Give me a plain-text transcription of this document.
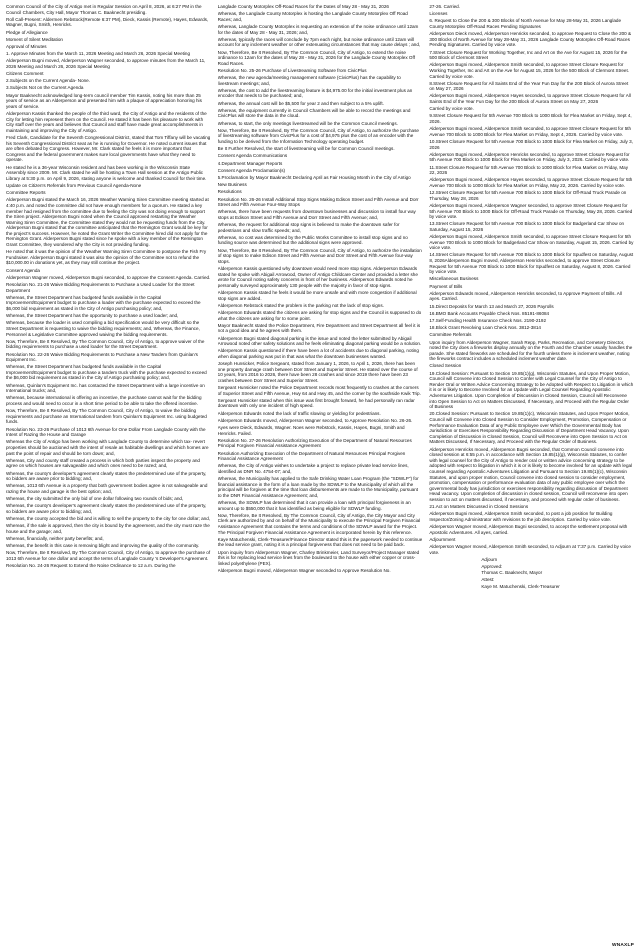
Common Council of the City of Antigo met in Regular Session on April 8, 2026, at 6:27 PM in the Council Chambers, City Hall, Mayor Thomas C. Baaknecht presiding.

Roll Call-Present: Aldermen Rebstock(Remote 6:37 PM), Dieck, Kassis (Remote), Hayes, Edwards, Wagner, Bugni, Smith, Henricks.

Pledge of Allegiance

Moment of Silent Meditation

Approval of Minutes

1. Approve Minutes from the March 11, 2026 Meeting and March 26, 2026 Special Meeting

Alderperson Bugni moved, Alderperson Wagner seconded, to approve minutes from the March 11, 2026 Meeting and March 26, 2026 Special Meeting

Citizens Comment

2.Subjects on the Current Agenda- None.

3.Subjects Not on the Current Agenda

Mayor Baaknecht acknowledged long-term council member Tim Kassis, noting his more than 25 years of service as an Alderperson and presented him with a plaque of appreciation honoring his years of service.

Alderperson Kassis thanked the people of the third ward, the City of Antigo and the residents of the City for letting him represent them on the Council. He stated it has been his pleasure to work with City staff over the years and believes that Council and staff have made great accomplishments in maintaining and improving the City of Antigo.

Fred Clark, Candidate for the Seventh Congressional District, stated that Tom Tiffany will be vacating his Seventh Congressional District seat as he is running for Governor. He noted current issues that are often debated by Congress. However, Mr. Clark stated he feels it is more important that Congress and the federal government makes sure local governments have what they need to operate.

He stated he is a 36-year Wisconsin resident and has been working in the Wisconsin State Assembly since 2009. Mr. Clark stated he will be hosting a Town Hall session at the Antigo Public Library at 5:30 p.m. on April 9, 2026, stating anyone is welcome and thanked Council for their time.

Update on Citizen's Referrals from Previous Council Agenda-None

Committee Reports

Alderperson Bugni stated the March 16, 2026 Weather Warning Siren Committee meeting started at 4:40 p.m. and noted the committee did not have enough members for a quorum. He stated a key member had resigned from the committee due to feeling the City was not doing enough to support the Siren project. Alderperson Bugni noted when the Council approved restarting the Weather Warning Siren Committee, the Committee stated they would not be requesting funds from the City. Alderperson Bugni stated that the committee anticipated that the Remington Grant would be key for the project's success. However, he noted the Grant Writer the Committee hired did not apply for the Remington Grant. Alderperson Bugni stated since he spoke with a key member of the Remington Grant Committee, they wondered why the City is not providing funding.

He noted that it was the opinion of the Weather Warning Siren Committee to postpone the Fish Fry Fundraiser. Alderperson Bugni stated it was also the opinion of the Committee not to refund the $10,000.00 in donations yet, as they may still continue the project.

Consent Agenda

Alderperson Wagner moved, Alderperson Bugni seconded, to approve the Consent Agenda. Carried.

Resolution No. 21-26 Waive Bidding Requirements to Purchase a Used Loader for the Street Department

Whereas, the Street Department has budgeted funds available in the Capital Improvement/Equipment budget to purchase a loader with the purchase expected to exceed the $6,000 bid requirement as stated in the City of Antigo purchasing policy; and,

Whereas, the Street Department has the opportunity to purchase a used loader; and,

Whereas, because the loader is used compiling a bid specification would be very difficult so the Street Department is requesting to waive the bidding requirements; and, Whereas, the Finance, Personnel & Legislative Committee approved waiving the bidding requirements.

Now, Therefore, Be It Resolved, By The Common Council, City of Antigo, to approve waiver of the bidding requirements to purchase a used loader for the Street Department.

Resolution No. 22-26 Waive Bidding Requirements to Purchase a New Tandem from Quinlan's Equipment Inc.

Whereas, the Street Department has budgeted funds available in the Capital Improvement/Equipment budget to purchase a tandem truck with the purchase expected to exceed the $6,000 bid requirement as stated in the City of Antigo purchasing policy; and,

Whereas, Quinlan's Equipment Inc. has contacted the Street Department with a large incentive on International trucks; and,

Whereas, because international is offering an incentive, the purchase cannot wait for the bidding process and would need to occur in a short time period to be able to take the offered incentive.

Now, Therefore, Be It Resolved, By The Common Council, City of Antigo, to waive the bidding requirements and purchase an International tandem from Quinlan's Equipment Inc. using budgeted funds.

Resolution No. 23-26 Purchase of 1013 6th Avenue for One Dollar From Langlade County with the Intent of Razing the House and Garage

Whereas the City of Antigo has been working with Langlade County to determine which tax- revert properties should be auctioned with the intent of resale as habitable dwellings and which homes are past the point of repair and should be torn down; and,

Whereas, City and county staff created a process in which both parties inspect the property and agree on which houses are salvageable and which ones need to be razed; and,

Whereas, the county's developer's agreement clearly states the predetermined use of the property, so bidders are aware prior to bidding; and,

Whereas, 1013 6th Avenue is a property that both government bodies agree is not salvageable and razing the house and garage is the best option; and,

Whereas, the city submitted the only bid of one dollar following two rounds of bids; and,

Whereas, the county's developer's agreement clearly states the predetermined use of the property, so bidders are aware prior to bidding; and,

Whereas, the county accepted the bid and is willing to sell the property to the city for one dollar; and,

Whereas, if the sale is approved, then the city is bound by the agreement, and the city must raze the house and the garage; and,

Whereas, financially, neither party benefits; and,

Whereas, the benefit in this case is removing blight and improving the quality of the community.

Now, Therefore, Be It Resolved, By The Common Council, City of Antigo, to approve the purchase of 1013 6th Avenue for one dollar and accept the terms of Langlade County 's Developer's Agreement.

Resolution No. 24-26 Request to Extend the Noise Ordinance to 12 a.m. During the

Langlade County Motorplex Off-Road Races for the Dates of May 28 - May 31, 2026

Whereas, the Langlade County Motorplex is hosting the Langlade County Motorplex Off Road Races; and,

Whereas, Langlade County Motorplex is requesting an extension of the noise ordinance until 12am for the dates of May 28 - May 31, 2026; and,

Whereas, typically the races will conclude by 7pm each night, but noise ordinance until 12am will account for any inclement weather or other extenuating circumstances that may cause delays ; and,

Now, Therefore, Be It Resolved, By The Common Council, City of Antigo, to extend the noise ordinance to 12am for the dates of May 28 - May 31, 2026 for the Langlade County Motorplex Off Road Races.

Resolution No. 25-26 Purchase of Livestreaming Software from CivicPlus

Whereas, the new agenda/meeting management software (CivicPlus) has the capability to livestream meetings; and,

Whereas, the cost to add the livestreaming feature is $4,975.00 for the initial investment plus an encoder that needs to be purchased; and,

Whereas, the annual cost will be $5,500 for year 2 and then subject to a 5% uplift.

Whereas, the equipment currently in Council Chambers will be able to record the meetings and CivicPlus will store the data in the cloud.

Whereas, to start, the only meetings livestreamed will be the Common Council meetings.

Now, Therefore, Be It Resolved, By The Common Council, City of Antigo, to authorize the purchase of livestreaming software from CivicPlus for a cost of $4,975 plus the cost of an encoder with the funding to be derived from the Information Technology operating budget.

Be It Further Resolved, the start of livestreaming will be for Common Council meetings.

Consent Agenda Communications

4.Department Manager Reports

Consent Agenda Proclamation(s)

5.Proclamation by Mayor Baaknecht Declaring April as Fair Housing Month in the City of Antigo

New Business

Resolutions

Resolution No. 26-26 Install Additional Stop Signs Making Edison Street and Fifth Avenue and Dorr Street and Fifth Avenue Four-Way Stops

Whereas, there have been requests from downtown businesses and discussion to install four way stops at Edison Street and Fifth Avenue and Dorr Street and Fifth Avenue; and,

Whereas, the request for additional stop signs is believed to make the downtown safer for pedestrians and slow traffic speeds; and,

Whereas, no cost was determined by the Public Works Committee to install stop signs and no funding source was determined but the additional signs were approved.

Now, Therefore, Be It Resolved, By The Common Council, City of Antigo, to authorize the installation of stop signs to make Edison Street and Fifth Avenue and Dorr Street and Fifth Avenue four-way stops.

Alderperson Kassis questioned why downtown would need more stop signs. Alderperson Edwards stated he spoke with Abigail Arrowood, Owner of Antigo Childcare Center and provided a letter she wrote for Council noting safety concerns in front of her business. Alderperson Edwards noted he personally surveyed approximately 130 people with the majority in favor of stop signs.

Alderperson Kassis stated he feels it would be more unsafe and with more congestion if additional stop signs are added.

Alderperson Rebstock stated the problem is the parking not the lack of stop signs.

Alderperson Edwards stated the citizens are asking for stop signs and the Council is supposed to do what the citizens are asking for to some point.

Mayor Baaknecht stated the Police Department, Fire Department and Street Department all feel it is not a good idea and he agrees with them.

Alderperson Bugni stated diagonal parking is the issue and noted the letter submitted by Abigail Arrowood noted other safety solutions and he feels eliminating diagonal parking would be a solution.

Alderperson Kassis questioned if there have been a lot of accidents due to diagonal parking, noting when diagonal parking was put in that was what the downtown businesses wanted.

Joseph Hunsicker, Police Sergeant, stated from January 1, 2026, to April 1, 2026, there has been one property damage crash between Dorr Street and Superior Street. He stated over the course of 10 years, from 2016 to 2026, there have been 28 crashes and since 2019 there have been 23 crashes between Dorr Street and Superior Street.

Sergeant Hunsicker noted the Police Department records most frequently to crashes at the corners of Superior Street and Fifth Avenue, Hwy 64 and Hwy 45, and the corner by the southside Kwik Trip.

Sergeant Hunsicker stated when this issue was first brought forward, he had personally ran radar downtown with only one incident of high speed.

Alderperson Edwards noted the lack of traffic slowing or yielding for pedestrians.

Alderperson Edwards moved, Alderperson Wagner seconded, to Approve Resolution No. 26-26.

Ayes were Dieck, Edwards, Wagner. Noes were Rebstock, Kassis, Hayes, Bugni, Smith and Henricks. Failed.

Resolution No. 27-26 Resolution Authorizing Execution of the Department of Natural Resources Principal Forgiven Financial Assistance Agreement

Resolution Authorizing Execution of the Department of Natural Resources Principal Forgiven Financial Assistance Agreement

Whereas, the City of Antigo wishes to undertake a project to replace private lead service lines, identified as DNR No. 4754-07; and,

Whereas, the Municipality has applied to the Safe Drinking Water Loan Program (the "SDWLP") for financial assistance in the form of a loan made by the SDWLP to the Municipality of which all the principal will be forgiven at the time that loan disbursements are made to the Municipality, pursuant to the DNR Financial Assistance Agreement; and,

Whereas, the SDWLP has determined that it can provide a loan with principal forgiveness in an amount up to $550,000 that it has identified as being eligible for SDWLP funding.

Now, Therefore, Be It Resolved, By The Common Council, City of Antigo, the City Mayor and City Clerk are authorized by and on behalf of the Municipality to execute the Principal Forgiven Financial Assistance Agreement that contains the terms and conditions of the SDWLP award for the Project. The Principal Forgiven Financial Assistance Agreement is incorporated herein by this reference.

Kaye Matuchenski, Clerk-Treasurer/Finance Director stated this is the paperwork needed to continue the lead service grant, noting it is a principal forgiveness that does not need to be paid back.

Upon inquiry from Alderperson Wagner, Charley Brinkmeier, Land Surveyor/Project Manager stated this is for replacing lead service lines from the boulevard to the house with either copper or cross-linked polyethylene (PEX).

Alderperson Bugni moved, Alderperson Wagner seconded to Approve Resolution No.

27-26. Carried.

Licenses

6. Request to Close the 200 & 300 Blocks of North Avenue for May 28-May 31, 2026 Langlade County Motorplex Off-Road Races Pending Signatures

Alderperson Dieck moved, Alderperson Henricks seconded, to approve Request to Close the 200 & 300 Blocks of North Avenue for May 28-May 31, 2026 Langlade County Motorplex Off-Road Races Pending Signatures. Carried by voice vote.

7.Street Closure Request for Working Together, Inc and Art on the Ave for August 15, 2026 for the 500 Block of Clermont Street

Alderperson Bugni moved, Alderperson Smith seconded, to approve Street Closure Request for Working Together, Inc and Art on the Ave for August 15, 2026 for the 500 Block of Clermont Street. Carried by voice vote.

8.Street Closure Request for All Saints End of the Year Fun Day for the 200 Block of Aurora Street on May 27, 2026

Alderperson Bugni moved, Alderperson Hayes seconded, to approve Street Closure Request for All Saints End of the Year Fun Day for the 200 Block of Aurora Street on May 27, 2026

Carried by voice vote.

9.Street Closure Request for 5th Avenue 700 Block to 1000 Block for Flea Market on Friday, Sept 4, 2026.

Alderperson Bugni moved, Alderperson Smith seconded, to approve Street Closure Request for 5th Avenue 700 Block to 1000 Block for Flea Market on Friday, Sept 4, 2026. Carried by voice vote.

10.Street Closure Request for 5th Avenue 700 Block to 1000 Block for Flea Market on Friday, July 3, 2026

Alderperson Bugni moved, Alderperson Henricks seconded, to approve Street Closure Request for 5th Avenue 700 Block to 1000 Block for Flea Market on Friday, July 3, 2026. Carried by voice vote.

11.Street Closure Request for 5th Avenue 700 Block to 1000 Block for Flea Market on Friday, May 22, 2026

Alderperson Bugni moved, Alderperson Hayes seconded, to approve Street Closure Request for 5th Avenue 700 Block to 1000 Block for Flea Market on Friday, May 22, 2026. Carried by voice vote.

12.Street Closure Request for 5th Avenue 700 Block to 1000 Block for Off-Road Truck Parade on Thursday, May 28, 2026

Alderperson Bugni moved, Alderperson Wagner seconded, to approve Street Closure Request for 5th Avenue 700 Block to 1000 Block for Off-Road Truck Parade on Thursday, May 28, 2026. Carried by voice vote.

13.Street Closure Request for 5th Avenue 700 Block to 1000 Block for Badgerland Car Show on Saturday, August 15, 2026

Alderperson Bugni moved, Alderperson Smith seconded, to approve Street Closure Request for 5th Avenue 700 Block to 1000 Block for Badgerland Car Show on Saturday, August 15, 2026. Carried by voice vote.

14.Street Closure Request for 5th Avenue 700 Block to 1000 Block for Spudfest on Saturday, August 8, 2026Alderperson Bugni moved, Alderperson Henricks seconded, to approve Street Closure Request for 5th Avenue 700 Block to 1000 Block for Spudfest on Saturday, August 8, 2026. Carried by voice vote.

Miscellaneous Business

Payment of Bills

Alderperson Edwards moved, Alderperson Henricks seconded, to Approve Payment of Bills. All ayes. Carried.

15.Direct Deposits for March 13 and March 27, 2026 Payrolls

16.BMO Bank Accounts Payable Check Nos. 85191-86084

17.Self-Funding Health Insurance Check Nos. 2190-2192

18.Block Grant Revolving Loan Check Nos. 3812-3814

Committee Referrals

Upon inquiry from Alderperson Wagner, Sarah Repp, Parks, Recreation, and Cemetery Director, noted the City does a fireworks display annually on the Fourth and the Chamber usually handles the parade. She stated fireworks are scheduled for the fourth unless there is inclement weather, noting the fireworks contract includes a scheduled inclement weather date.

Closed Session

19.Closed Session: Pursuant to Section 19.85(1)(g), Wisconsin Statutes, and Upon Proper Motion, Council will Convene into Closed Session to Confer with Legal Counsel for the City of Antigo to Render Oral or Written Advice Concerning Strategy to be Adopted with Respect to Litigation in which it is or is likely to Become Involved for an Update with Legal Counsel Regarding Apostolic Adventures Litigation. Upon Completion of Discussion in Closed Session, Council will Reconvene into Open Session to Act on Matters Discussed, If Necessary, and Proceed with the Regular Order of Business

20.Closed Session: Pursuant to Section 19.85(1)(c), Wisconsin Statutes, and Upon Proper Motion, Council will Convene into Closed Session to Consider Employment, Promotion, Compensation or Performance Evaluation Data of any Public Employee over Which the Governmental Body has Jurisdiction or Exercises Responsibility Regarding Discussion of Department Head Vacancy. Upon Completion of Discussion in Closed Session, Council will Reconvene into Open Session to Act on Matters Discussed, If Necessary, and Proceed with the Regular Order of Business.

Alderperson Henricks moved, Alderperson Bugni seconded, that Common Council convene into closed session at 6:55 p.m. in accordance with Section 19.85(1)(g), Wisconsin Statutes, to confer with legal counsel for the City of Antigo to render oral or written advice concerning strategy to be adopted with respect to litigation in which it is or is likely to become involved for an update with legal counsel regarding Apostolic Adventures Litigation and Pursuant to Section 19.85(1)(c), Wisconsin Statutes, and upon proper motion, Council convene into closed session to consider employment, promotion, compensation or performance evaluation data of any public employee over which the governmental body has jurisdiction or exercises responsibility regarding discussion of Department Head vacancy. Upon completion of discussion in closed session, Council will reconvene into open session to act on matters discussed, if necessary, and proceed with regular order of business.

21.Act on Matters Discussed in Closed Sessions

Alderperson Bugni moved, Alderperson Smith seconded, to post a job position for Building Inspector/Zoning Administrator with revisions to the job description. Carried by voice vote.

Alderperson Wagner moved, Alderperson Bugni seconded, to accept the settlement proposal with Apostolic Adventures. All ayes, carried.

Adjournment

Alderperson Wagner moved, Alderperson Smith seconded, to Adjourn at 7:37 p.m. Carried by voice vote.

Adjourn

Approved:

Thomas C. Baaknecht, Mayor

Attest:

Kaye M. Matuchenski, Clerk-Treasurer

WNAXLP
